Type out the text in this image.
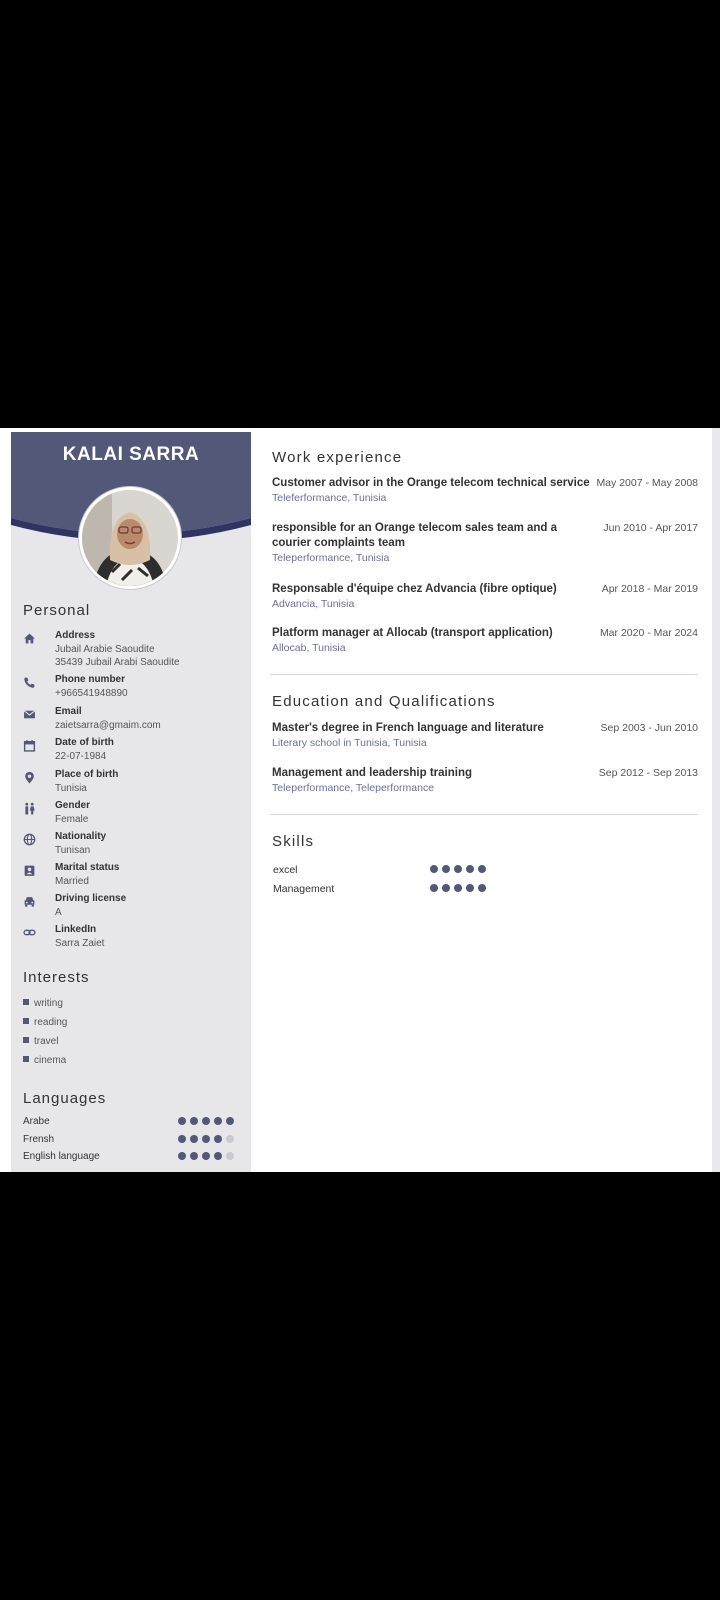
KALAI SARRA
Personal
Address
Jubail Arabie Saoudite
35439 Jubail Arabi Saoudite
Phone number
+966541948890
Email
zaietsarra@gmaim.com
Date of birth
22-07-1984
Place of birth
Tunisia
Gender
Female
Nationality
Tunisan
Marital status
Married
Driving license
A
LinkedIn
Sarra Zaiet
Interests
writing
reading
travel
cinema
Languages
Arabe
Frensh
English language
Work experience
Customer advisor in the Orange telecom technical service
Teleferformance, Tunisia
May 2007 - May 2008
responsible for an Orange telecom sales team and a courier complaints team
Teleperformance, Tunisia
Jun 2010 - Apr 2017
Responsable d'équipe chez Advancia (fibre optique)
Advancia, Tunisia
Apr 2018 - Mar 2019
Platform manager at Allocab (transport application)
Allocab, Tunisia
Mar 2020 - Mar 2024
Education and Qualifications
Master's degree in French language and literature
Literary school in Tunisia, Tunisia
Sep 2003 - Jun 2010
Management and leadership training
Teleperformance, Teleperformance
Sep 2012 - Sep 2013
Skills
excel
Management
